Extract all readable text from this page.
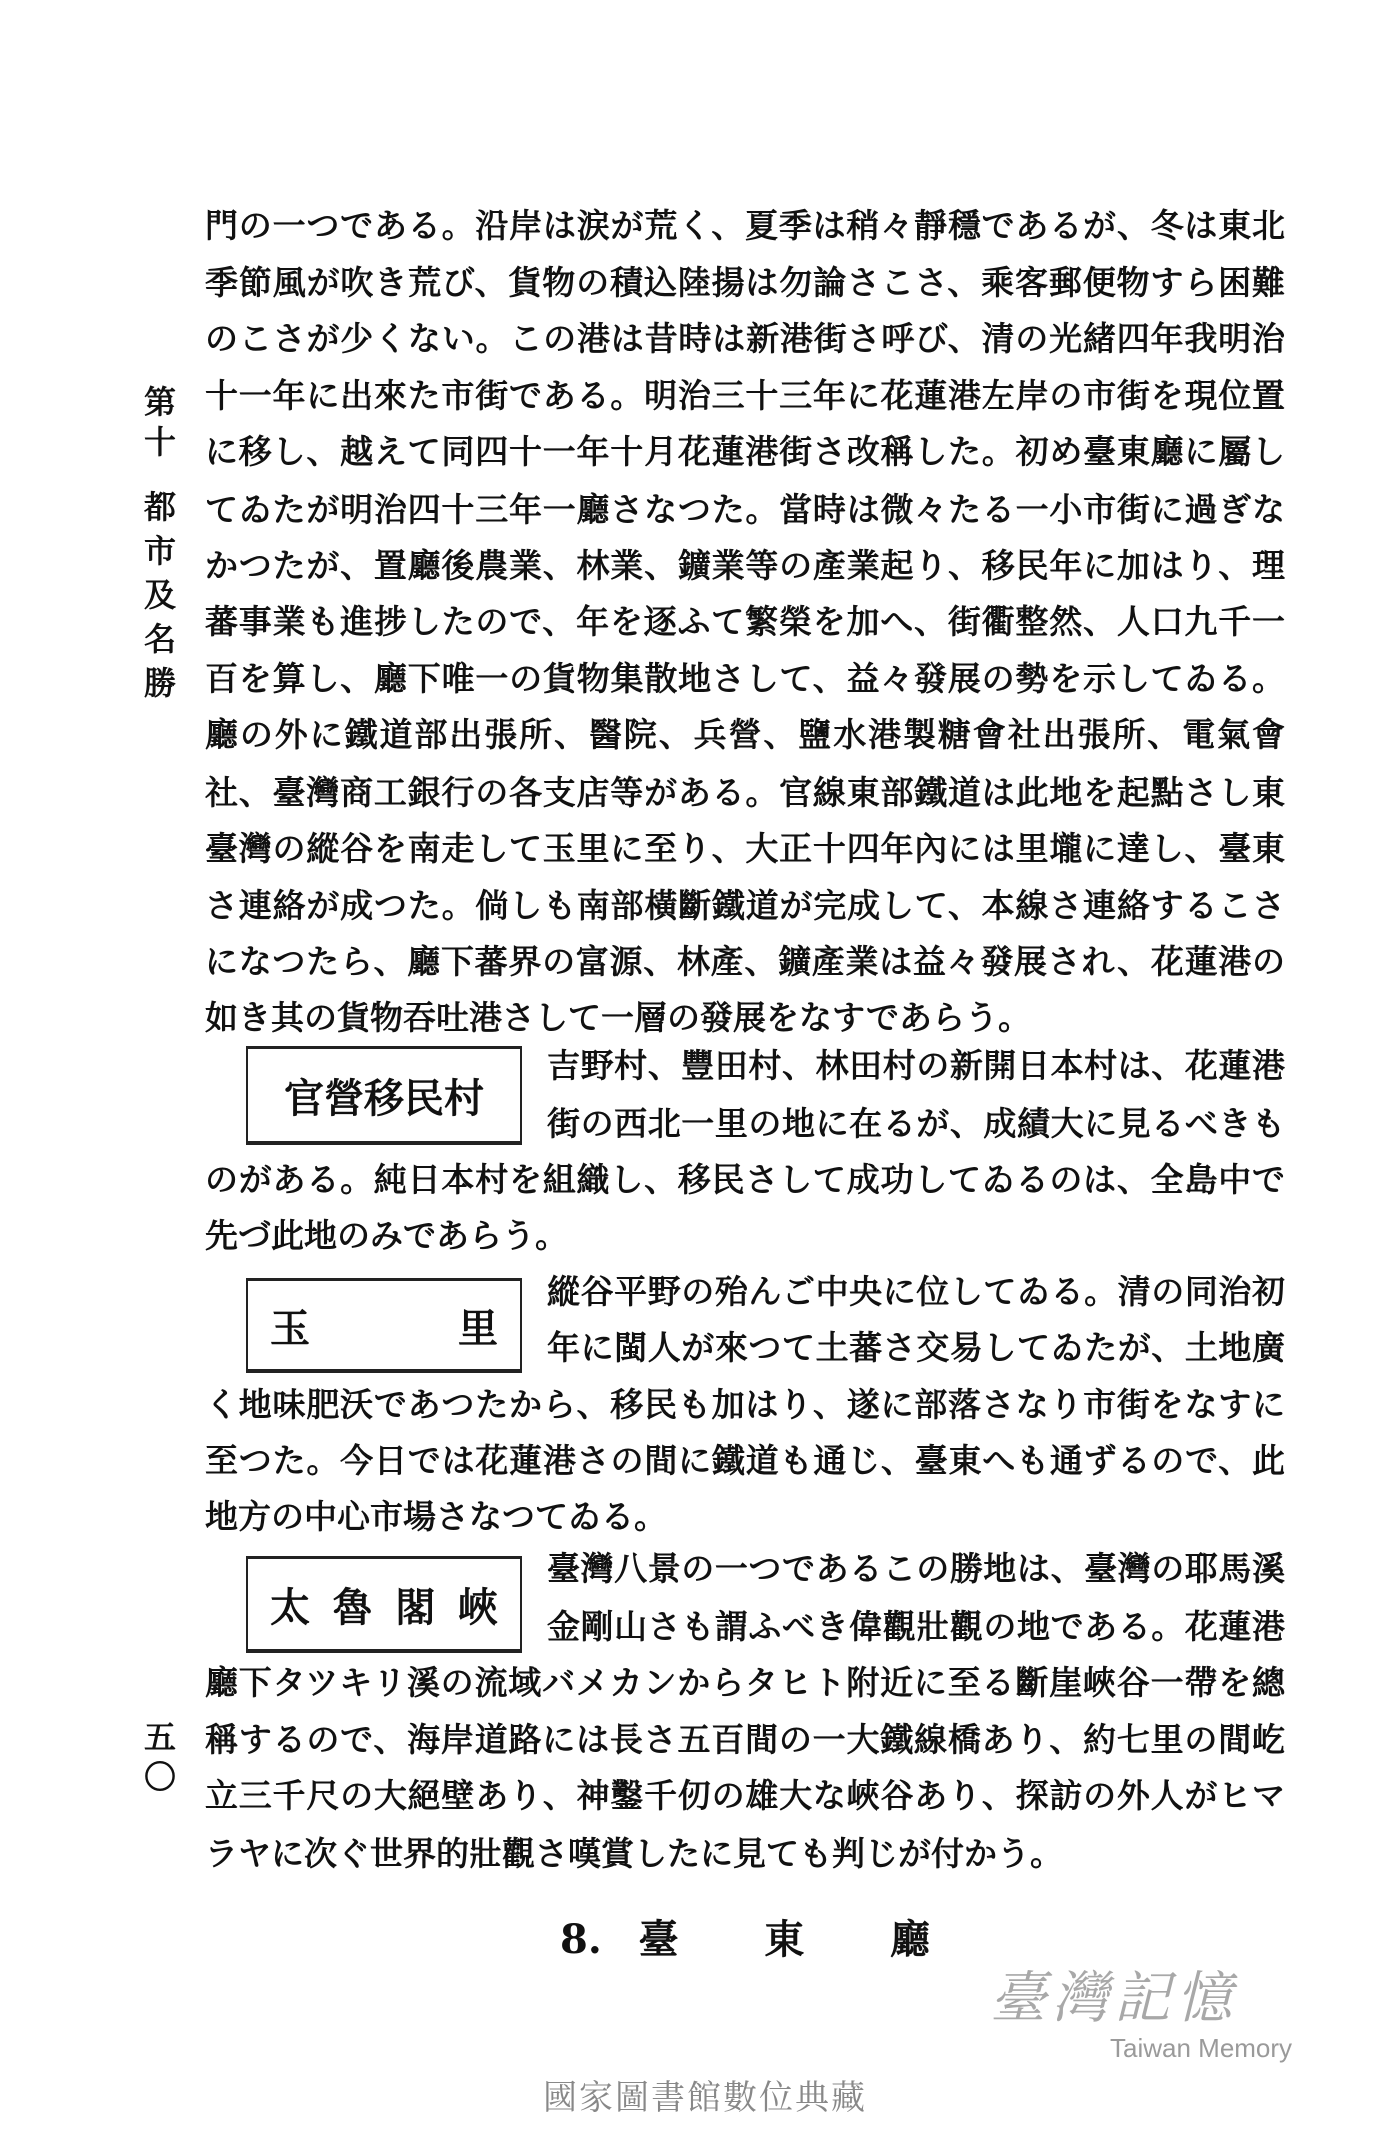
第十
都市及名勝
五〇
門の一つである。沿岸は涙が荒く、夏季は稍々靜穩であるが、冬は東北
季節風が吹き荒び、貨物の積込陸揚は勿論さこさ、乘客郵便物すら困難
のこさが少くない。この港は昔時は新港街さ呼び、清の光緒四年我明治
十一年に出來た市街である。明治三十三年に花蓮港左岸の市街を現位置
に移し、越えて同四十一年十月花蓮港街さ改稱した。初め臺東廳に屬し
てゐたが明治四十三年一廳さなつた。當時は微々たる一小市街に過ぎな
かつたが、置廳後農業、林業、鑛業等の產業起り、移民年に加はり、理
蕃事業も進捗したので、年を逐ふて繁榮を加へ、街衢整然、人口九千一
百を算し、廳下唯一の貨物集散地さして、益々發展の勢を示してゐる。
廳の外に鐵道部出張所、醫院、兵營、鹽水港製糖會社出張所、電氣會
社、臺灣商工銀行の各支店等がある。官線東部鐵道は此地を起點さし東
臺灣の縱谷を南走して玉里に至り、大正十四年內には里壠に達し、臺東
さ連絡が成つた。倘しも南部橫斷鐵道が完成して、本線さ連絡するこさ
になつたら、廳下蕃界の富源、林產、鑛產業は益々發展され、花蓮港の
如き其の貨物吞吐港さして一層の發展をなすであらう。
官營移民村
吉野村、豐田村、林田村の新開日本村は、花蓮港
街の西北一里の地に在るが、成績大に見るべきも
のがある。純日本村を組織し、移民さして成功してゐるのは、全島中で
先づ此地のみであらう。
玉　　里
縱谷平野の殆んご中央に位してゐる。清の同治初
年に閩人が來つて土蕃さ交易してゐたが、土地廣
く地味肥沃であつたから、移民も加はり、遂に部落さなり市街をなすに
至つた。今日では花蓮港さの間に鐵道も通じ、臺東へも通ずるので、此
地方の中心市場さなつてゐる。
太魯閣峽
臺灣八景の一つであるこの勝地は、臺灣の耶馬溪
金剛山さも謂ふべき偉觀壯觀の地である。花蓮港
廳下タツキリ溪の流域バメカンからタヒト附近に至る斷崖峽谷一帶を總
稱するので、海岸道路には長さ五百間の一大鐵線橋あり、約七里の間屹
立三千尺の大絕壁あり、神鑿千仞の雄大な峽谷あり、探訪の外人がヒマ
ラヤに次ぐ世界的壯觀さ嘆賞したに見ても判じが付かう。
8. 臺　東　廳
臺灣記憶
Taiwan Memory
國家圖書館數位典藏
